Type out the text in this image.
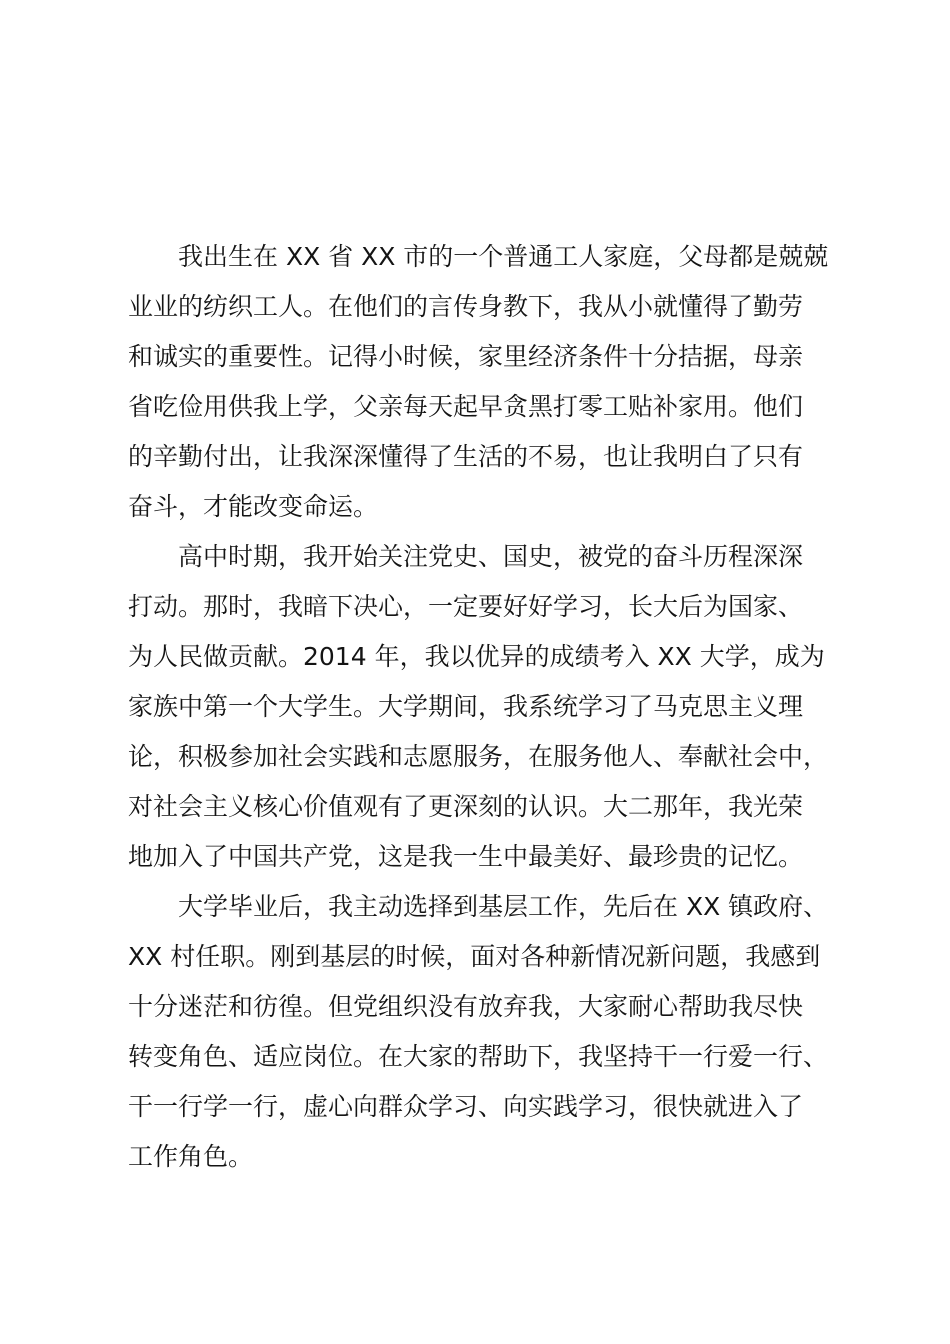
我出生在 XX 省 XX 市的一个普通工人家庭，父母都是兢兢
业业的纺织工人。在他们的言传身教下，我从小就懂得了勤劳
和诚实的重要性。记得小时候，家里经济条件十分拮据，母亲
省吃俭用供我上学，父亲每天起早贪黑打零工贴补家用。他们
的辛勤付出，让我深深懂得了生活的不易，也让我明白了只有
奋斗，才能改变命运。
高中时期，我开始关注党史、国史，被党的奋斗历程深深
打动。那时，我暗下决心，一定要好好学习，长大后为国家、
为人民做贡献。2014 年，我以优异的成绩考入 XX 大学，成为
家族中第一个大学生。大学期间，我系统学习了马克思主义理
论，积极参加社会实践和志愿服务，在服务他人、奉献社会中，
对社会主义核心价值观有了更深刻的认识。大二那年，我光荣
地加入了中国共产党，这是我一生中最美好、最珍贵的记忆。
大学毕业后，我主动选择到基层工作，先后在 XX 镇政府、
XX 村任职。刚到基层的时候，面对各种新情况新问题，我感到
十分迷茫和彷徨。但党组织没有放弃我，大家耐心帮助我尽快
转变角色、适应岗位。在大家的帮助下，我坚持干一行爱一行、
干一行学一行，虚心向群众学习、向实践学习，很快就进入了
工作角色。
